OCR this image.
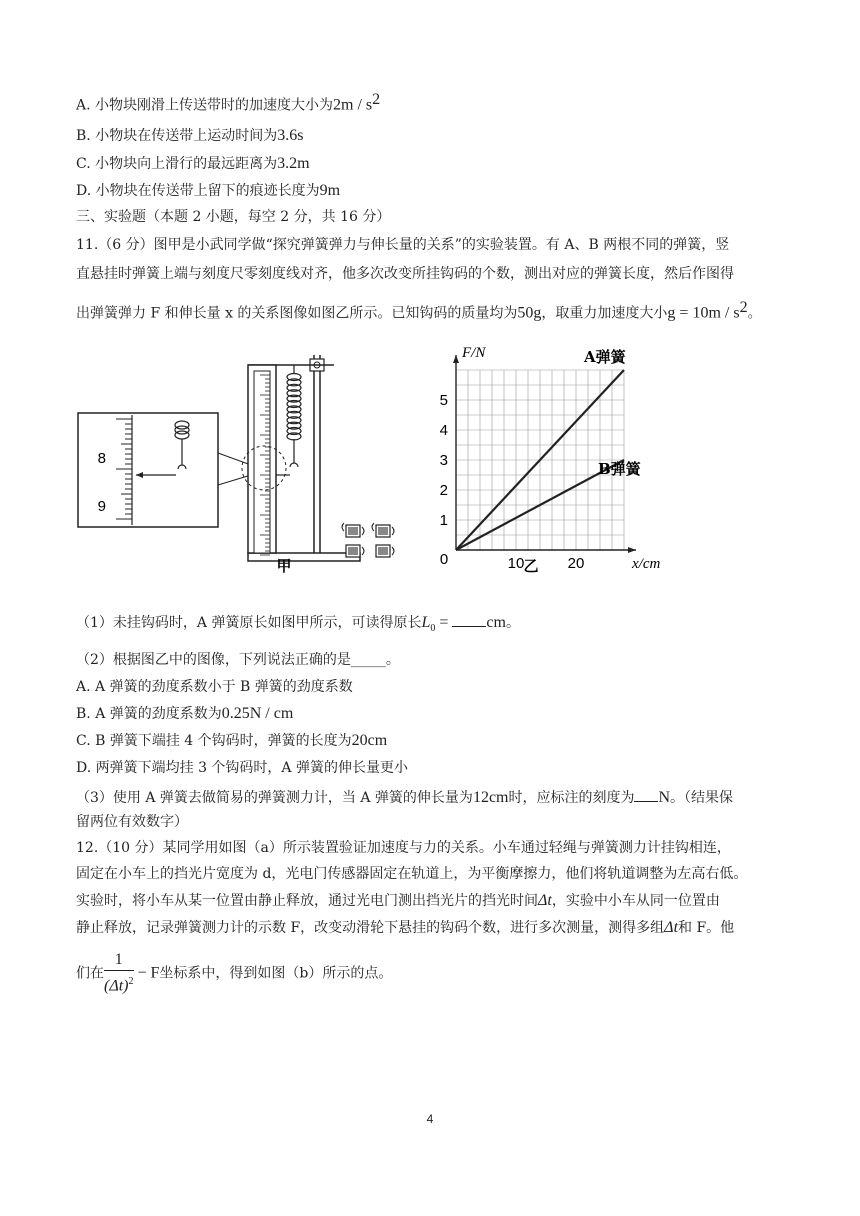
A. 小物块刚滑上传送带时的加速度大小为$2m / s^2$
B. 小物块在传送带上运动时间为3.6s
C. 小物块向上滑行的最远距离为3.2m
D. 小物块在传送带上留下的痕迹长度为9m
三、实验题（本题 2 小题，每空 2 分，共 16 分）
11.（6 分）图甲是小武同学做“探究弹簧弹力与伸长量的关系”的实验装置。有 A、B 两根不同的弹簧，竖
直悬挂时弹簧上端与刻度尺零刻度线对齐，他多次改变所挂钩码的个数，测出对应的弹簧长度，然后作图得
出弹簧弹力 F 和伸长量 x 的关系图像如图乙所示。已知钩码的质量均为50g，取重力加速度大小$g = 10m / s^2$。
8
9
甲
1
2
3
4
5
10	20
0
F/N
x/cm
A弹簧
B弹簧
乙
（1）未挂钩码时，A 弹簧原长如图甲所示，可读得原长$L_0$ = cm。
（2）根据图乙中的图像，下列说法正确的是_____。
A. A 弹簧的劲度系数小于 B 弹簧的劲度系数
B. A 弹簧的劲度系数为0.25N / cm
C. B 弹簧下端挂 4 个钩码时，弹簧的长度为20cm
D. 两弹簧下端均挂 3 个钩码时，A 弹簧的伸长量更小
（3）使用 A 弹簧去做简易的弹簧测力计，当 A 弹簧的伸长量为12cm时，应标注的刻度为 N。（结果保
留两位有效数字）
12.（10 分）某同学用如图（a）所示装置验证加速度与力的关系。小车通过轻绳与弹簧测力计挂钩相连，
固定在小车上的挡光片宽度为 d，光电门传感器固定在轨道上，为平衡摩擦力，他们将轨道调整为左高右低。
实验时，将小车从某一位置由静止释放，通过光电门测出挡光片的挡光时间Δt，实验中小车从同一位置由
静止释放，记录弹簧测力计的示数 F，改变动滑轮下悬挂的钩码个数，进行多次测量，测得多组Δt和 F。他
们在 $\frac{1}{(\Delta t)^2} - F$坐标系中，得到如图（b）所示的点。
4
